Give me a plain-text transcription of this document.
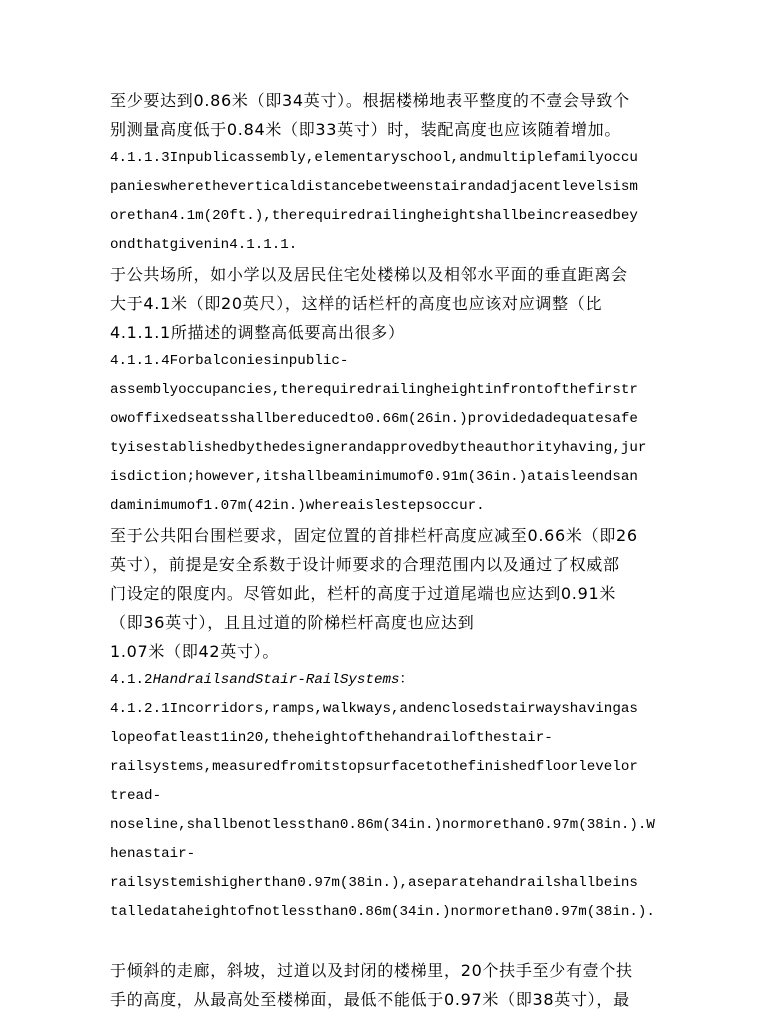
至少要达到0.86米（即34英寸）。根据楼梯地表平整度的不壹会导致个
别测量高度低于0.84米（即33英寸）时，装配高度也应该随着增加。
4.1.1.3Inpublicassembly,elementaryschool,andmultiplefamilyoccu
panieswheretheverticaldistancebetweenstairandadjacentlevelsism
orethan4.1m(20ft.),therequiredrailingheightshallbeincreasedbey
ondthatgivenin4.1.1.1.
于公共场所，如小学以及居民住宅处楼梯以及相邻水平面的垂直距离会
大于4.1米（即20英尺），这样的话栏杆的高度也应该对应调整（比
4.1.1.1所描述的调整高低要高出很多）
4.1.1.4Forbalconiesinpublic-
assemblyoccupancies,therequiredrailingheightinfrontofthefirstr
owoffixedseatsshallbereducedto0.66m(26in.)providedadequatesafe
tyisestablishedbythedesignerandapprovedbytheauthorityhaving,jur
isdiction;however,itshallbeaminimumof0.91m(36in.)ataisleendsan
daminimumof1.07m(42in.)whereaislestepsoccur.
至于公共阳台围栏要求，固定位置的首排栏杆高度应减至0.66米（即26
英寸），前提是安全系数于设计师要求的合理范围内以及通过了权威部
门设定的限度内。尽管如此，栏杆的高度于过道尾端也应达到0.91米
（即36英寸），且且过道的阶梯栏杆高度也应达到
1.07米（即42英寸）。
4.1.2HandrailsandStair-RailSystems：
4.1.2.1Incorridors,ramps,walkways,andenclosedstairwayshavingas
lopeofatleast1in20,theheightofthehandrailofthestair-
railsystems,measuredfromitstopsurfacetothefinishedfloorlevelor
tread-
noseline,shallbenotlessthan0.86m(34in.)normorethan0.97m(38in.).W
henastair-
railsystemishigherthan0.97m(38in.),aseparatehandrailshallbeins
talledataheightofnotlessthan0.86m(34in.)normorethan0.97m(38in.).
于倾斜的走廊，斜坡，过道以及封闭的楼梯里，20个扶手至少有壹个扶
手的高度，从最高处至楼梯面，最低不能低于0.97米（即38英寸），最
